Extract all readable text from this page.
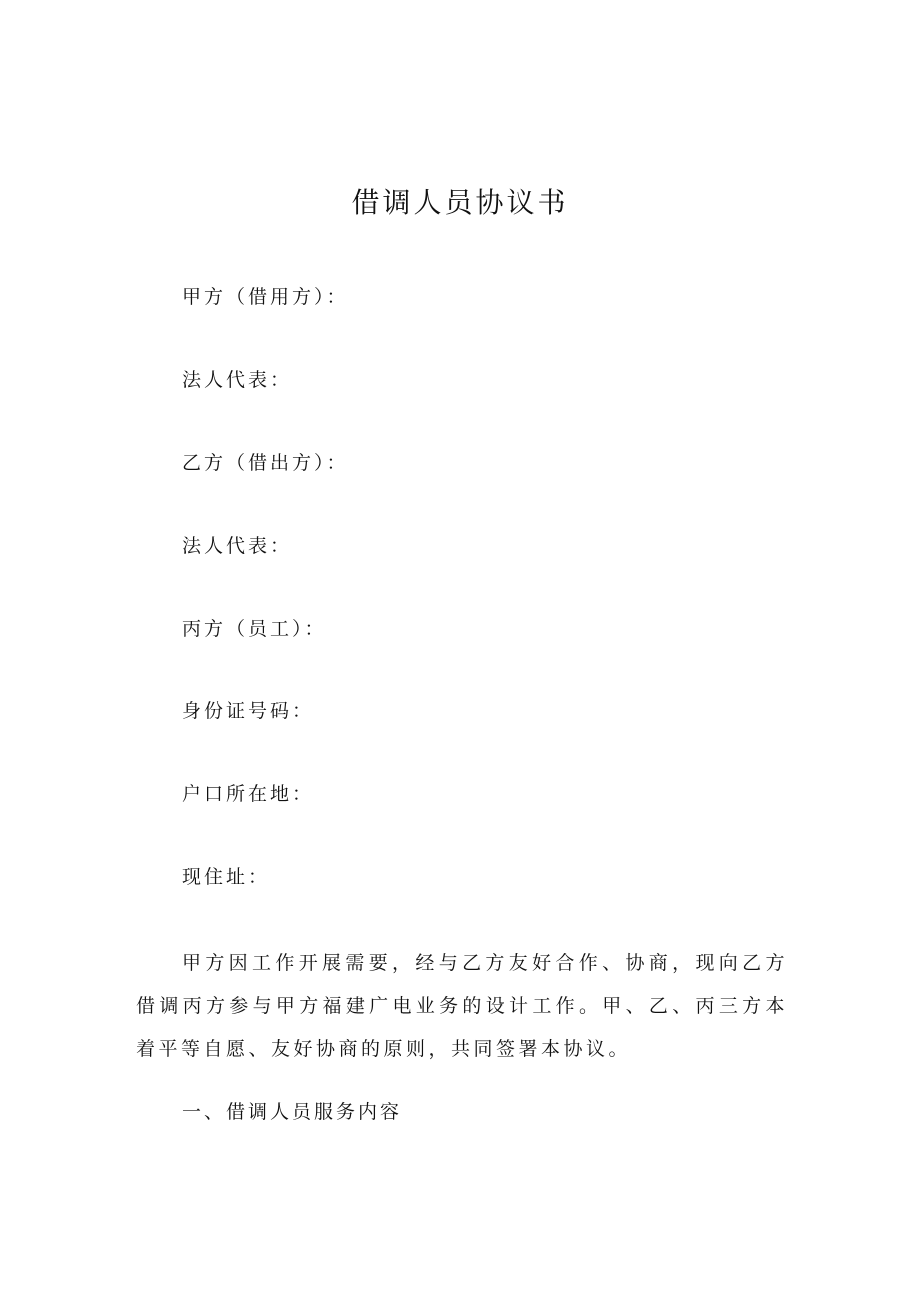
借调人员协议书
甲方（借用方）：
法人代表：
乙方（借出方）：
法人代表：
丙方（员工）：
身份证号码：
户口所在地：
现住址：
甲方因工作开展需要，经与乙方友好合作、协商，现向乙方借调丙方参与甲方福建广电业务的设计工作。甲、乙、丙三方本着平等自愿、友好协商的原则，共同签署本协议。
一、借调人员服务内容
